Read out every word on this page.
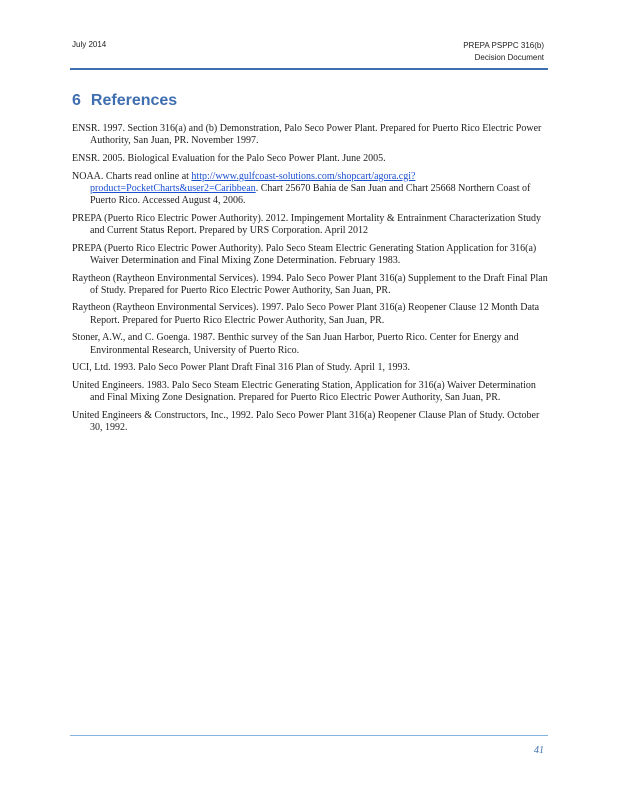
July 2014	PREPA PSPPC 316(b)
Decision Document
6 References

ENSR. 1997. Section 316(a) and (b) Demonstration, Palo Seco Power Plant. Prepared for Puerto Rico Electric Power Authority, San Juan, PR. November 1997.

ENSR. 2005. Biological Evaluation for the Palo Seco Power Plant. June 2005.

NOAA. Charts read online at http://www.gulfcoast-solutions.com/shopcart/agora.cgi?product=PocketCharts&user2=Caribbean. Chart 25670 Bahia de San Juan and Chart 25668 Northern Coast of Puerto Rico. Accessed August 4, 2006.

PREPA (Puerto Rico Electric Power Authority). 2012. Impingement Mortality & Entrainment Characterization Study and Current Status Report. Prepared by URS Corporation. April 2012

PREPA (Puerto Rico Electric Power Authority). Palo Seco Steam Electric Generating Station Application for 316(a) Waiver Determination and Final Mixing Zone Determination. February 1983.

Raytheon (Raytheon Environmental Services). 1994. Palo Seco Power Plant 316(a) Supplement to the Draft Final Plan of Study. Prepared for Puerto Rico Electric Power Authority, San Juan, PR.

Raytheon (Raytheon Environmental Services). 1997. Palo Seco Power Plant 316(a) Reopener Clause 12 Month Data Report. Prepared for Puerto Rico Electric Power Authority, San Juan, PR.

Stoner, A.W., and C. Goenga. 1987. Benthic survey of the San Juan Harbor, Puerto Rico. Center for Energy and Environmental Research, University of Puerto Rico.

UCI, Ltd. 1993. Palo Seco Power Plant Draft Final 316 Plan of Study. April 1, 1993.

United Engineers. 1983. Palo Seco Steam Electric Generating Station, Application for 316(a) Waiver Determination and Final Mixing Zone Designation. Prepared for Puerto Rico Electric Power Authority, San Juan, PR.

United Engineers & Constructors, Inc., 1992. Palo Seco Power Plant 316(a) Reopener Clause Plan of Study. October 30, 1992.

41
